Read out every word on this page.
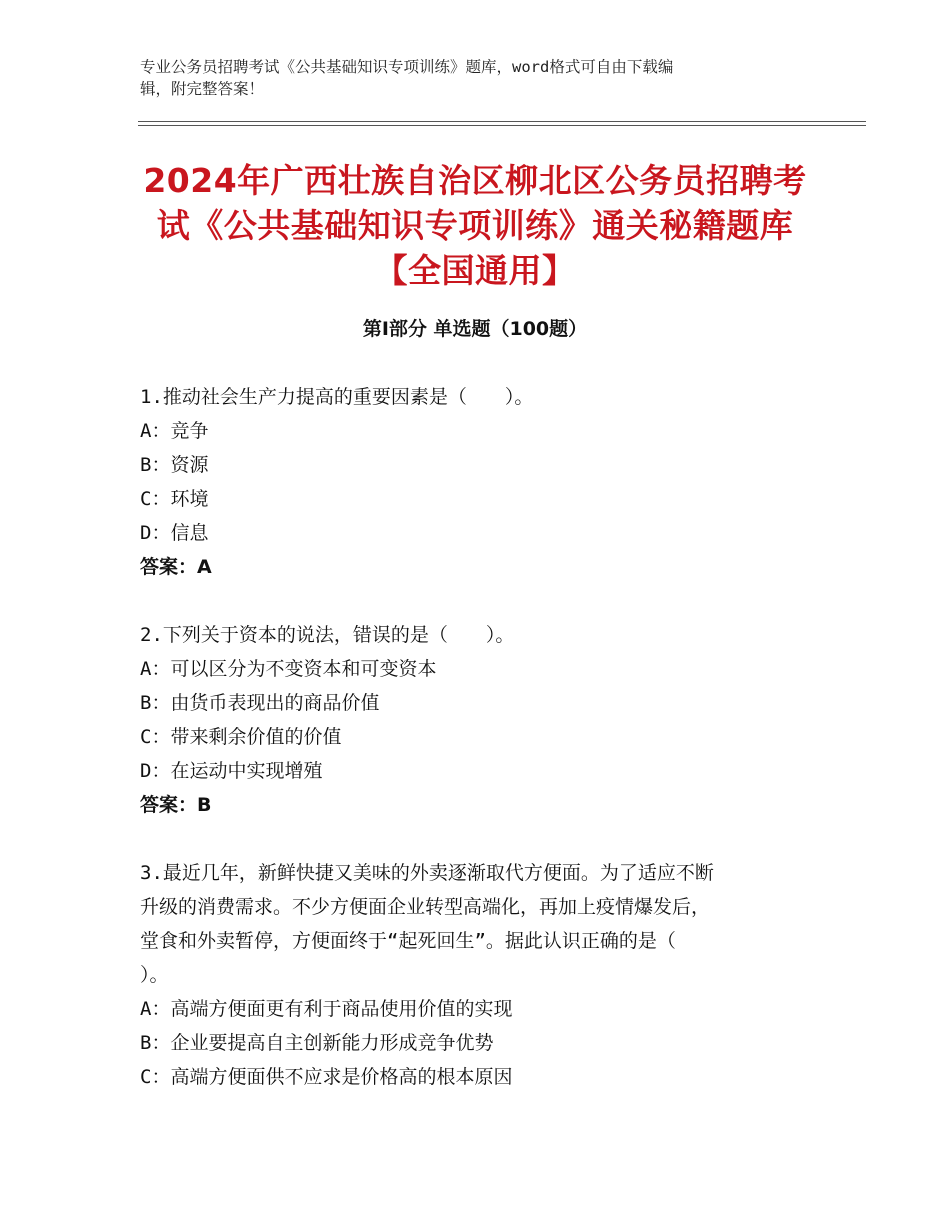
专业公务员招聘考试《公共基础知识专项训练》题库，word格式可自由下载编
辑，附完整答案！
2024年广西壮族自治区柳北区公务员招聘考
试《公共基础知识专项训练》通关秘籍题库
【全国通用】
第I部分 单选题（100题）
1.推动社会生产力提高的重要因素是（　　）。
A：竞争
B：资源
C：环境
D：信息
答案：A
2.下列关于资本的说法，错误的是（　　）。
A：可以区分为不变资本和可变资本
B：由货币表现出的商品价值
C：带来剩余价值的价值
D：在运动中实现增殖
答案：B
3.最近几年，新鲜快捷又美味的外卖逐渐取代方便面。为了适应不断
升级的消费需求。不少方便面企业转型高端化，再加上疫情爆发后，
堂食和外卖暂停，方便面终于“起死回生”。据此认识正确的是（
）。
A：高端方便面更有利于商品使用价值的实现
B：企业要提高自主创新能力形成竞争优势
C：高端方便面供不应求是价格高的根本原因
